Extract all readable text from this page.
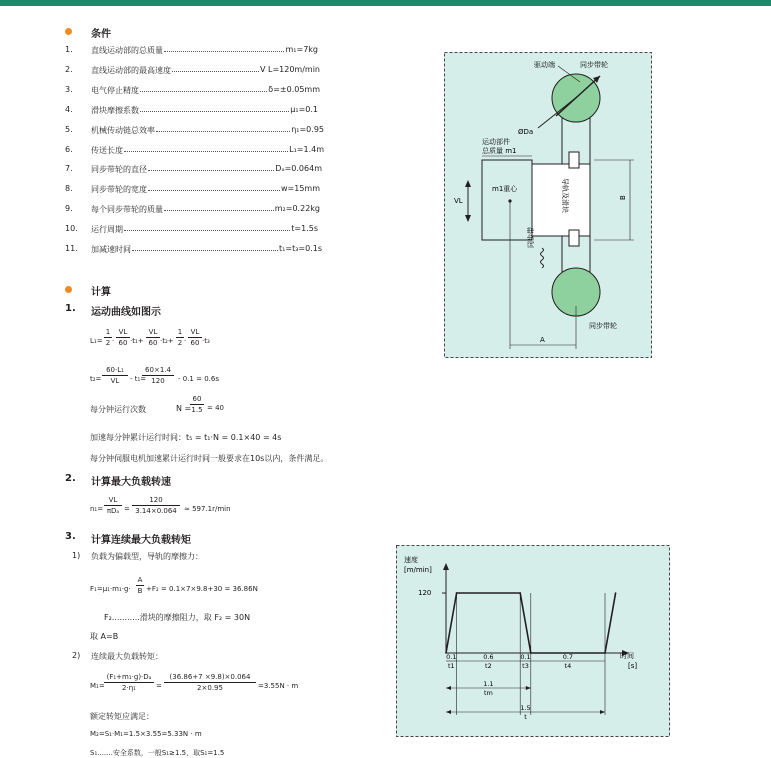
条件
1. 直线运动部的总质量	m₁=7kg
2. 直线运动部的最高速度	V L=120m/min
3. 电气停止精度	δ=±0.05mm
4. 滑块摩擦系数	μ₁=0.1
5. 机械传动链总效率	η₁=0.95
6. 传送长度	L₁=1.4m
7. 同步带轮的直径	Dₐ=0.064m
8. 同步带轮的宽度	w=15mm
9. 每个同步带轮的质量	m₂=0.22kg
10. 运行周期	t=1.5s
11. 加减速时间	t₁=t₃=0.1s
计算
1. 运动曲线如图示
$L_1= \frac{1}{2} \cdot \frac{VL}{60} \cdot t_1+ \frac{VL}{60} \cdot t_2+ \frac{1}{2} \cdot \frac{VL}{60} \cdot t_3$
$t_2= \frac{\text{60·L₁}}{VL} - t_1=$
$\frac{60\times 1.4}{120} - 0.1 = 0.6s$
每分钟运行次数	N =
$\frac{60}{1.5} = 40$
加速每分钟累计运行时间：t₅ = t₁·N = 0.1×40 = 4s
每分钟伺服电机加速累计运行时间一般要求在10s以内，条件满足。
2. 计算最大负载转速
n₁=
VL
$\pi D_a = \frac{120}{3.14\times 0.064} \approx 597.1r/\min$
3. 计算连续最大负载转矩
1) 负载为偏载型，导轨的摩擦力：
$F_1=\mu_1\cdot m_1\cdot g\cdot \frac{A}{B} +F_2 = 0.1\times 7\times 9.8+30 = 36.86N$
F₂...........滑块的摩擦阻力，取 F₂ = 30N
取 A=B
2) 连续最大负载转矩：
$M_1= \frac{\text{(F₁+m₁·g)·Dₐ}}{\text{2·η₁}} = \frac{(36.86+7 \times 9.8)\times 0.064}{2\times 0.95} =3.55N \cdot m$
额定转矩应满足：
M₂=S₁·M₁=1.5×3.55=5.33N · m
S₁.......安全系数，一般S₁≥1.5，取S₁=1.5
驱动端	同步带轮
ØDa
运动部件
总质量 m1
m1重心
VL	导轨及滑块
同步带
B
A
同步带轮
0.1
t1
0.6
t2
0.1
t3
0.7
t4
1.1
tm
1.5
t
速度
[m/min]
120
时间
[s]
